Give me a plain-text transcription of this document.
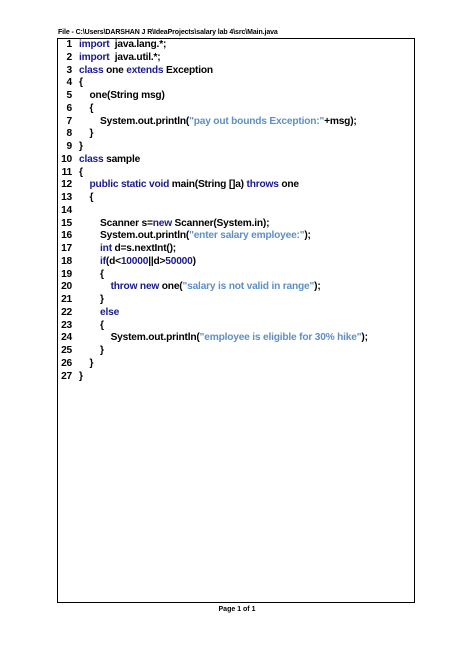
File - C:\Users\DARSHAN J R\IdeaProjects\salary lab 4\src\Main.java
1 import  java.lang.*;
2 import  java.util.*;
3 class one extends Exception
4 {
5	one(String msg)
6	{
7	System.out.println("pay out bounds Exception:"+msg);
8	}
9 }
10 class sample
11 {
12	public static void main(String []a) throws one
13	{
14
15	Scanner s=new Scanner(System.in);
16	System.out.println("enter salary employee:");
17	int d=s.nextInt();
18	if(d<10000||d>50000)
19	{
20	throw new one("salary is not valid in range");
21	}
22	else
23	{
24	System.out.println("employee is eligible for 30% hike");
25	}
26	}
27 }
Page 1 of 1
